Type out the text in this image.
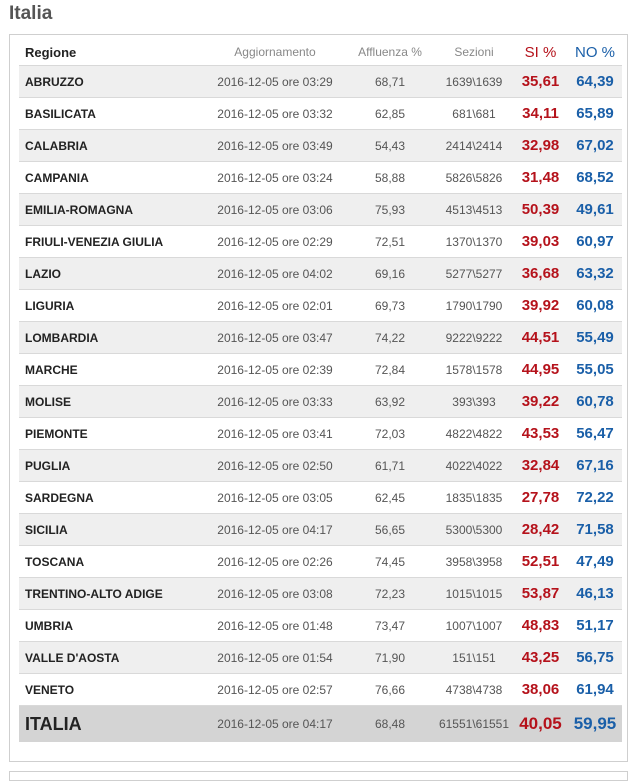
Italia
Regione	Aggiornamento	Affluenza %	Sezioni	SI %	NO %
ABRUZZO	2016-12-05 ore 03:29	68,71	1639\1639	35,61	64,39
BASILICATA	2016-12-05 ore 03:32	62,85	681\681	34,11	65,89
CALABRIA	2016-12-05 ore 03:49	54,43	2414\2414	32,98	67,02
CAMPANIA	2016-12-05 ore 03:24	58,88	5826\5826	31,48	68,52
EMILIA-ROMAGNA	2016-12-05 ore 03:06	75,93	4513\4513	50,39	49,61
FRIULI-VENEZIA GIULIA	2016-12-05 ore 02:29	72,51	1370\1370	39,03	60,97
LAZIO	2016-12-05 ore 04:02	69,16	5277\5277	36,68	63,32
LIGURIA	2016-12-05 ore 02:01	69,73	1790\1790	39,92	60,08
LOMBARDIA	2016-12-05 ore 03:47	74,22	9222\9222	44,51	55,49
MARCHE	2016-12-05 ore 02:39	72,84	1578\1578	44,95	55,05
MOLISE	2016-12-05 ore 03:33	63,92	393\393	39,22	60,78
PIEMONTE	2016-12-05 ore 03:41	72,03	4822\4822	43,53	56,47
PUGLIA	2016-12-05 ore 02:50	61,71	4022\4022	32,84	67,16
SARDEGNA	2016-12-05 ore 03:05	62,45	1835\1835	27,78	72,22
SICILIA	2016-12-05 ore 04:17	56,65	5300\5300	28,42	71,58
TOSCANA	2016-12-05 ore 02:26	74,45	3958\3958	52,51	47,49
TRENTINO-ALTO ADIGE	2016-12-05 ore 03:08	72,23	1015\1015	53,87	46,13
UMBRIA	2016-12-05 ore 01:48	73,47	1007\1007	48,83	51,17
VALLE D'AOSTA	2016-12-05 ore 01:54	71,90	151\151	43,25	56,75
VENETO	2016-12-05 ore 02:57	76,66	4738\4738	38,06	61,94
ITALIA	2016-12-05 ore 04:17	68,48	61551\61551	40,05	59,95
